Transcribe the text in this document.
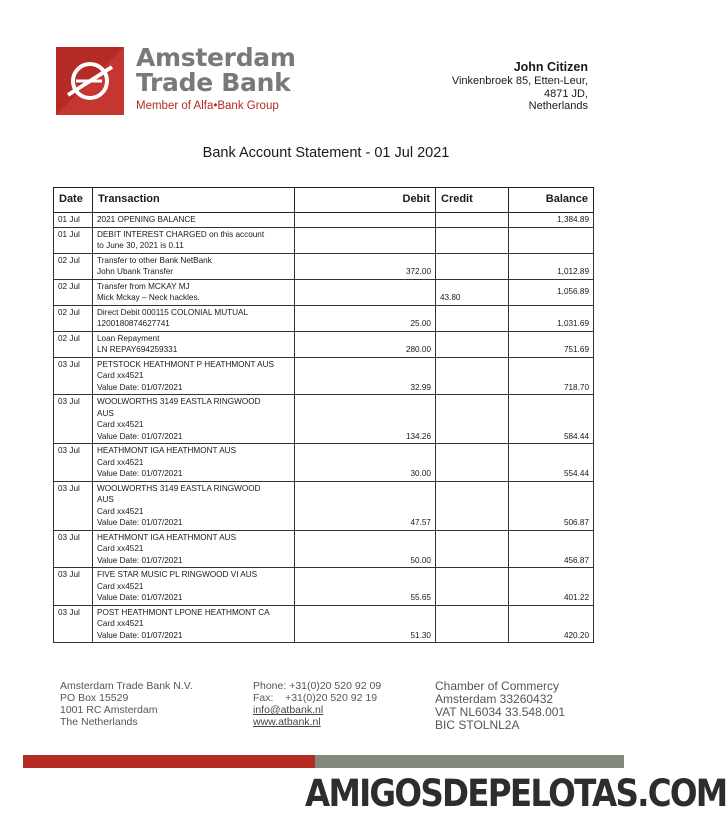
Amsterdam
Trade Bank
Member of Alfa•Bank Group
John Citizen
Vinkenbroek 85, Etten-Leur,
4871 JD,
Netherlands
Bank Account Statement - 01 Jul 2021
Date	Transaction	Debit	Credit	Balance
01 Jul	2021 OPENING BALANCE			1,384.89
01 Jul	DEBIT INTEREST CHARGED on this account
to June 30, 2021 is 0.11			

02 Jul	Transfer to other Bank NetBank
John Ubank Transfer	372.00		1,012.89
02 Jul	Transfer from MCKAY MJ
Mick Mckay – Neck hackles.		43.80	1,056.89
02 Jul	Direct Debit 000115 COLONIAL MUTUAL
1200180874627741	25.00		1,031.69
02 Jul	Loan Repayment
LN REPAY694259331	280.00		751.69
03 Jul	PETSTOCK HEATHMONT P HEATHMONT AUS
Card xx4521
Value Date: 01/07/2021	32.99		718.70
03 Jul	WOOLWORTHS 3149 EASTLA RINGWOOD
AUS
Card xx4521
Value Date: 01/07/2021	134.26		584.44
03 Jul	HEATHMONT IGA HEATHMONT AUS
Card xx4521
Value Date: 01/07/2021	30.00		554.44
03 Jul	WOOLWORTHS 3149 EASTLA RINGWOOD
AUS
Card xx4521
Value Date: 01/07/2021	47.57		506.87
03 Jul	HEATHMONT IGA HEATHMONT AUS
Card xx4521
Value Date: 01/07/2021	50.00		456.87
03 Jul	FIVE STAR MUSIC PL RINGWOOD VI AUS
Card xx4521
Value Date: 01/07/2021	55.65		401.22
03 Jul	POST HEATHMONT LPONE HEATHMONT CA
Card xx4521
Value Date: 01/07/2021	51.30		420.20
Amsterdam Trade Bank N.V.
PO Box 15529
1001 RC Amsterdam
The Netherlands
Phone: +31(0)20 520 92 09
Fax:    +31(0)20 520 92 19
info@atbank.nl
www.atbank.nl
Chamber of Commercy
Amsterdam 33260432
VAT NL6034 33.548.001
BIC STOLNL2A
AMIGOSDEPELOTAS.COM
